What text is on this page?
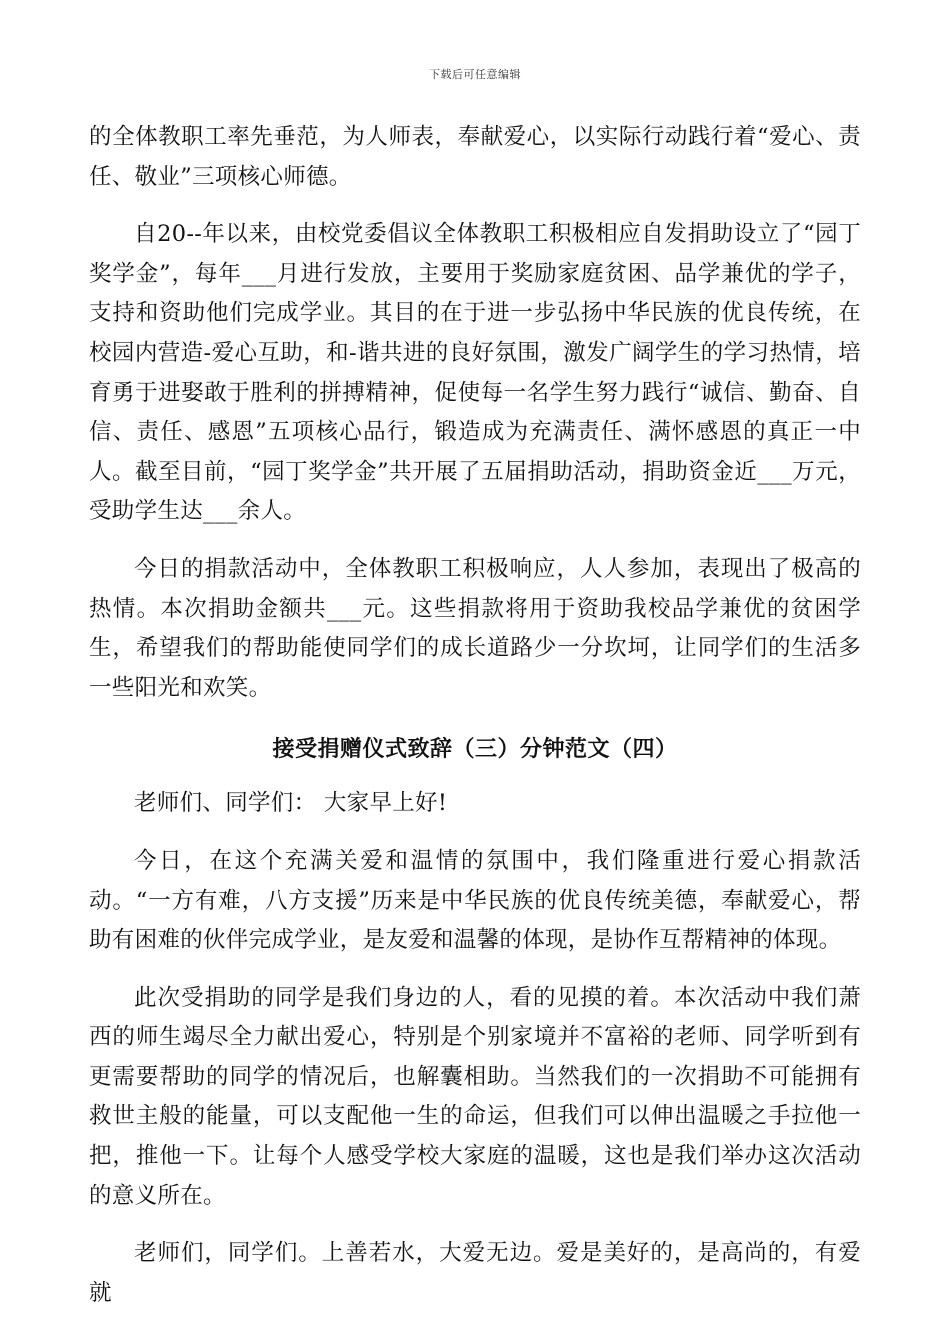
下载后可任意编辑

的全体教职工率先垂范，为人师表，奉献爱心，以实际行动践行着“爱心、责任、敬业”三项核心师德。

自20--年以来，由校党委倡议全体教职工积极相应自发捐助设立了“园丁奖学金”，每年___月进行发放，主要用于奖励家庭贫困、品学兼优的学子，支持和资助他们完成学业。其目的在于进一步弘扬中华民族的优良传统，在校园内营造-爱心互助，和-谐共进的良好氛围，激发广阔学生的学习热情，培育勇于进娶敢于胜利的拼搏精神，促使每一名学生努力践行“诚信、勤奋、自信、责任、感恩”五项核心品行，锻造成为充满责任、满怀感恩的真正一中人。截至目前，“园丁奖学金”共开展了五届捐助活动，捐助资金近___万元，受助学生达___余人。

今日的捐款活动中，全体教职工积极响应，人人参加，表现出了极高的热情。本次捐助金额共___元。这些捐款将用于资助我校品学兼优的贫困学生，希望我们的帮助能使同学们的成长道路少一分坎坷，让同学们的生活多一些阳光和欢笑。

接受捐赠仪式致辞（三）分钟范文（四）

老师们、同学们： 大家早上好!

今日，在这个充满关爱和温情的氛围中，我们隆重进行爱心捐款活动。“一方有难，八方支援”历来是中华民族的优良传统美德，奉献爱心，帮助有困难的伙伴完成学业，是友爱和温馨的体现，是协作互帮精神的体现。

此次受捐助的同学是我们身边的人，看的见摸的着。本次活动中我们萧西的师生竭尽全力献出爱心，特别是个别家境并不富裕的老师、同学听到有更需要帮助的同学的情况后，也解囊相助。当然我们的一次捐助不可能拥有救世主般的能量，可以支配他一生的命运，但我们可以伸出温暖之手拉他一把，推他一下。让每个人感受学校大家庭的温暖，这也是我们举办这次活动的意义所在。

老师们，同学们。上善若水，大爱无边。爱是美好的，是高尚的，有爱就
